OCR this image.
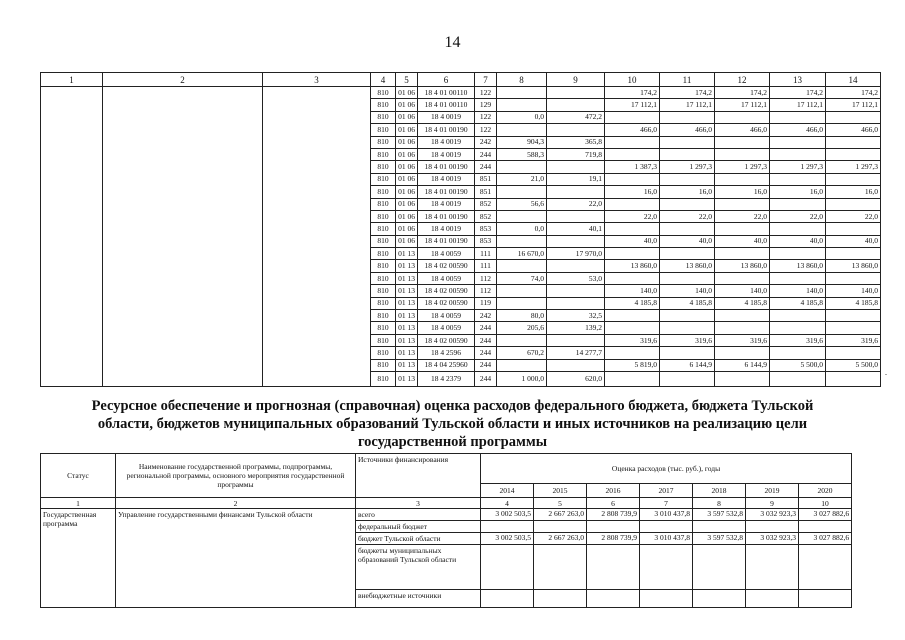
14
1	2	3	4	5	6	7	8	9	10	11	12	13	14
			810	01 06	18 4 01 00110	122			174,2	174,2	174,2	174,2	174,2
			810	01 06	18 4 01 00110	129			17 112,1	17 112,1	17 112,1	17 112,1	17 112,1
			810	01 06	18 4 0019	122	0,0	472,2					
			810	01 06	18 4 01 00190	122			466,0	466,0	466,0	466,0	466,0
			810	01 06	18 4 0019	242	904,3	365,8					
			810	01 06	18 4 0019	244	588,3	719,8					
			810	01 06	18 4 01 00190	244			1 387,3	1 297,3	1 297,3	1 297,3	1 297,3
			810	01 06	18 4 0019	851	21,0	19,1					
			810	01 06	18 4 01 00190	851			16,0	16,0	16,0	16,0	16,0
			810	01 06	18 4 0019	852	56,6	22,0					
			810	01 06	18 4 01 00190	852			22,0	22,0	22,0	22,0	22,0
			810	01 06	18 4 0019	853	0,0	40,1					
			810	01 06	18 4 01 00190	853			40,0	40,0	40,0	40,0	40,0
			810	01 13	18 4 0059	111	16 670,0	17 970,0					
			810	01 13	18 4 02 00590	111			13 860,0	13 860,0	13 860,0	13 860,0	13 860,0
			810	01 13	18 4 0059	112	74,0	53,0					
			810	01 13	18 4 02 00590	112			140,0	140,0	140,0	140,0	140,0
			810	01 13	18 4 02 00590	119			4 185,8	4 185,8	4 185,8	4 185,8	4 185,8
			810	01 13	18 4 0059	242	80,0	32,5					
			810	01 13	18 4 0059	244	205,6	139,2					
			810	01 13	18 4 02 00590	244			319,6	319,6	319,6	319,6	319,6
			810	01 13	18 4 2596	244	670,2	14 277,7					
			810	01 13	18 4 04 25960	244			5 819,0	6 144,9	6 144,9	5 500,0	5 500,0
			810	01 13	18 4 2379	244	1 000,0	620,0					
.
Ресурсное обеспечение и прогнозная (справочная) оценка расходов федерального бюджета, бюджета Тульской
области, бюджетов муниципальных образований Тульской области и иных источников на реализацию цели
государственной программы
Статус	Наименование государственной программы, подпрограммы, региональной программы, основного мероприятия государственной программы	Источники финансирования	Оценка расходов (тыс. руб.), годы						
			2014	2015	2016	2017	2018	2019	2020
1	2	3	4	5	6	7	8	9	10
Государственная программа	Управление государственными финансами Тульской области	всего	3 002 503,5	2 667 263,0	2 808 739,9	3 010 437,8	3 597 532,8	3 032 923,3	3 027 882,6
		федеральный бюджет							
		бюджет Тульской области	3 002 503,5	2 667 263,0	2 808 739,9	3 010 437,8	3 597 532,8	3 032 923,3	3 027 882,6
		бюджеты муниципальных образований Тульской области							
		внебюджетные источники							
